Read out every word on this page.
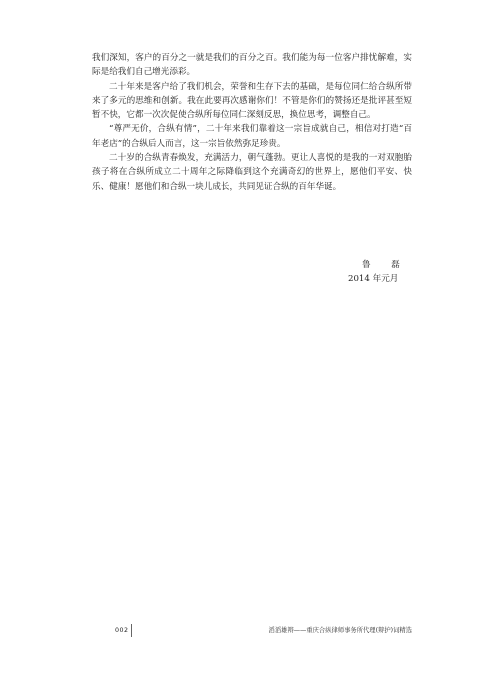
我们深知，客户的百分之一就是我们的百分之百。我们能为每一位客户排忧解难，实际是给我们自己增光添彩。

二十年来是客户给了我们机会，荣誉和生存下去的基础，是每位同仁给合纵所带来了多元的思维和创新。我在此要再次感谢你们！不管是你们的赞扬还是批评甚至短暂不快，它都一次次促使合纵所每位同仁深刻反思，换位思考，调整自己。

“尊严无价，合纵有情”，二十年来我们靠着这一宗旨成就自己，相信对打造“百年老店”的合纵后人而言，这一宗旨依然弥足珍贵。

二十岁的合纵青春焕发，充满活力，朝气蓬勃。更让人喜悦的是我的一对双胞胎孩子将在合纵所成立二十周年之际降临到这个充满奇幻的世界上，愿他们平安、快乐、健康！愿他们和合纵一块儿成长，共同见证合纵的百年华诞。

鲁　磊
2014 年元月
002	滔滔雄辩——重庆合纵律师事务所代理(辩护)词精选
